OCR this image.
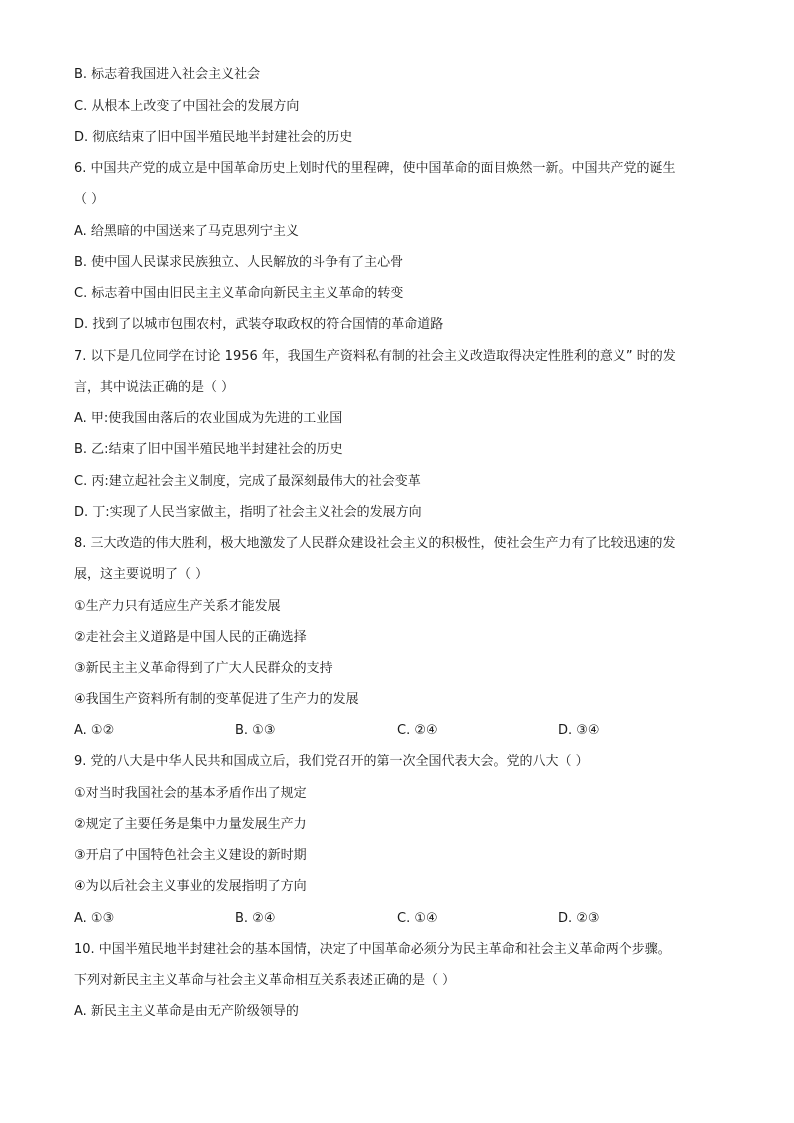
B. 标志着我国进入社会主义社会
C. 从根本上改变了中国社会的发展方向
D. 彻底结束了旧中国半殖民地半封建社会的历史
6. 中国共产党的成立是中国革命历史上划时代的里程碑，使中国革命的面目焕然一新。中国共产党的诞生
（ ）
A. 给黑暗的中国送来了马克思列宁主义
B. 使中国人民谋求民族独立、人民解放的斗争有了主心骨
C. 标志着中国由旧民主主义革命向新民主主义革命的转变
D. 找到了以城市包围农村，武装夺取政权的符合国情的革命道路
7. 以下是几位同学在讨论 1956 年，我国生产资料私有制的社会主义改造取得决定性胜利的意义” 时的发
言，其中说法正确的是（ ）
A. 甲:使我国由落后的农业国成为先进的工业国
B. 乙:结束了旧中国半殖民地半封建社会的历史
C. 丙:建立起社会主义制度，完成了最深刻最伟大的社会变革
D. 丁:实现了人民当家做主，指明了社会主义社会的发展方向
8. 三大改造的伟大胜利，极大地激发了人民群众建设社会主义的积极性，使社会生产力有了比较迅速的发
展，这主要说明了（ ）
①生产力只有适应生产关系才能发展
②走社会主义道路是中国人民的正确选择
③新民主主义革命得到了广大人民群众的支持
④我国生产资料所有制的变革促进了生产力的发展
A. ①②	B. ①③	C. ②④	D. ③④
9. 党的八大是中华人民共和国成立后，我们党召开的第一次全国代表大会。党的八大（ ）
①对当时我国社会的基本矛盾作出了规定
②规定了主要任务是集中力量发展生产力
③开启了中国特色社会主义建设的新时期
④为以后社会主义事业的发展指明了方向
A. ①③	B. ②④	C. ①④	D. ②③
10. 中国半殖民地半封建社会的基本国情，决定了中国革命必须分为民主革命和社会主义革命两个步骤。
下列对新民主主义革命与社会主义革命相互关系表述正确的是（ ）
A. 新民主主义革命是由无产阶级领导的
